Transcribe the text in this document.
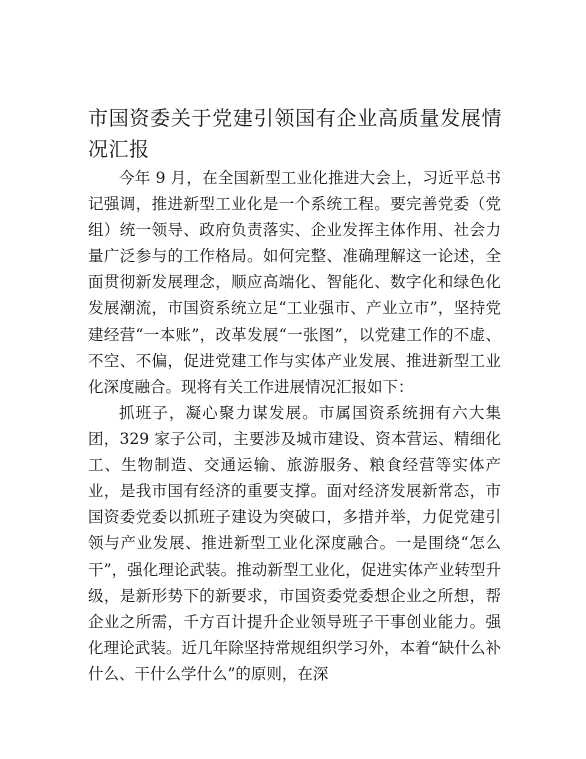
市国资委关于党建引领国有企业高质量发展情况汇报

今年 9 月，在全国新型工业化推进大会上，习近平总书记强调，推进新型工业化是一个系统工程。要完善党委（党组）统一领导、政府负责落实、企业发挥主体作用、社会力量广泛参与的工作格局。如何完整、准确理解这一论述，全面贯彻新发展理念，顺应高端化、智能化、数字化和绿色化发展潮流，市国资系统立足“工业强市、产业立市”，坚持党建经营“一本账”，改革发展“一张图”，以党建工作的不虚、不空、不偏，促进党建工作与实体产业发展、推进新型工业化深度融合。现将有关工作进展情况汇报如下：

抓班子，凝心聚力谋发展。市属国资系统拥有六大集团，329 家子公司，主要涉及城市建设、资本营运、精细化工、生物制造、交通运输、旅游服务、粮食经营等实体产业，是我市国有经济的重要支撑。面对经济发展新常态，市国资委党委以抓班子建设为突破口，多措并举，力促党建引领与产业发展、推进新型工业化深度融合。一是围绕“怎么干”，强化理论武装。推动新型工业化，促进实体产业转型升级，是新形势下的新要求，市国资委党委想企业之所想，帮企业之所需，千方百计提升企业领导班子干事创业能力。强化理论武装。近几年除坚持常规组织学习外，本着“缺什么补什么、干什么学什么”的原则，在深
